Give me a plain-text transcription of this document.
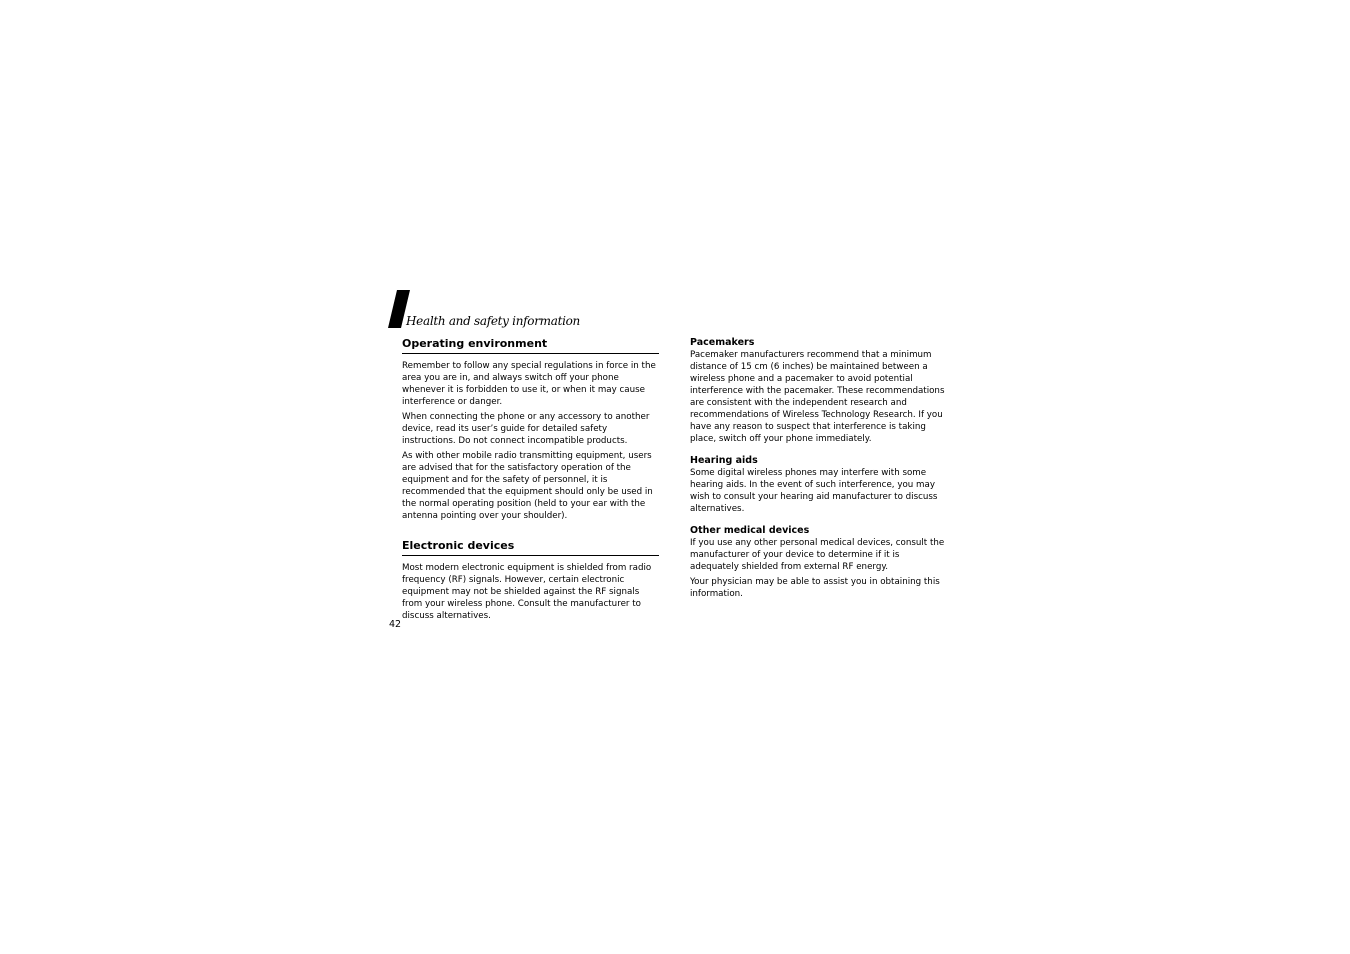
Health and safety information
Operating environment

Remember to follow any special regulations in force in the area you are in, and always switch off your phone whenever it is forbidden to use it, or when it may cause interference or danger.

When connecting the phone or any accessory to another device, read its user’s guide for detailed safety instructions. Do not connect incompatible products.

As with other mobile radio transmitting equipment, users are advised that for the satisfactory operation of the equipment and for the safety of personnel, it is recommended that the equipment should only be used in the normal operating position (held to your ear with the antenna pointing over your shoulder).

Electronic devices

Most modern electronic equipment is shielded from radio frequency (RF) signals. However, certain electronic equipment may not be shielded against the RF signals from your wireless phone. Consult the manufacturer to discuss alternatives.

Pacemakers

Pacemaker manufacturers recommend that a minimum distance of 15 cm (6 inches) be maintained between a wireless phone and a pacemaker to avoid potential interference with the pacemaker. These recommendations are consistent with the independent research and recommendations of Wireless Technology Research. If you have any reason to suspect that interference is taking place, switch off your phone immediately.

Hearing aids

Some digital wireless phones may interfere with some hearing aids. In the event of such interference, you may wish to consult your hearing aid manufacturer to discuss alternatives.

Other medical devices

If you use any other personal medical devices, consult the manufacturer of your device to determine if it is adequately shielded from external RF energy.

Your physician may be able to assist you in obtaining this information.

42
